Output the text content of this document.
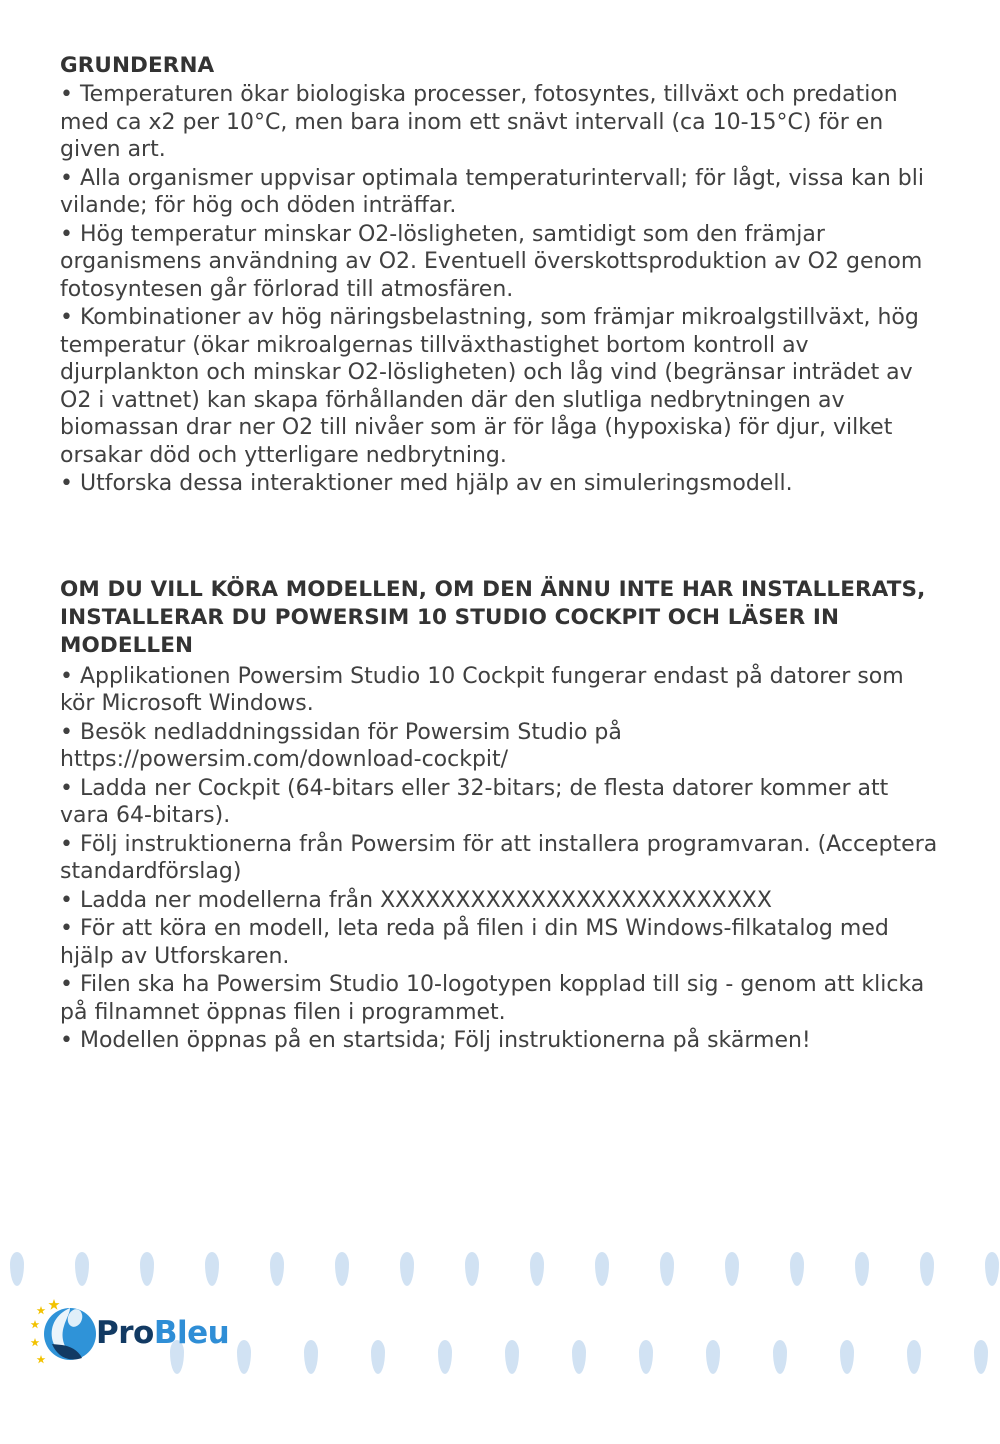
GRUNDERNA

• Temperaturen ökar biologiska processer, fotosyntes, tillväxt och predation med ca x2 per 10°C, men bara inom ett snävt intervall (ca 10-15°C) för en given art.

• Alla organismer uppvisar optimala temperaturintervall; för lågt, vissa kan bli vilande; för hög och döden inträffar.

• Hög temperatur minskar O2-lösligheten, samtidigt som den främjar organismens användning av O2. Eventuell överskottsproduktion av O2 genom fotosyntesen går förlorad till atmosfären.

• Kombinationer av hög näringsbelastning, som främjar mikroalgstillväxt, hög temperatur (ökar mikroalgernas tillväxthastighet bortom kontroll av djurplankton och minskar O2-lösligheten) och låg vind (begränsar inträdet av O2 i vattnet) kan skapa förhållanden där den slutliga nedbrytningen av biomassan drar ner O2 till nivåer som är för låga (hypoxiska) för djur, vilket orsakar död och ytterligare nedbrytning.

• Utforska dessa interaktioner med hjälp av en simuleringsmodell.

OM DU VILL KÖRA MODELLEN, OM DEN ÄNNU INTE HAR INSTALLERATS, INSTALLERAR DU POWERSIM 10 STUDIO COCKPIT OCH LÄSER IN MODELLEN

• Applikationen Powersim Studio 10 Cockpit fungerar endast på datorer som kör Microsoft Windows.

• Besök nedladdningssidan för Powersim Studio på https://powersim.com/download-cockpit/

• Ladda ner Cockpit (64-bitars eller 32-bitars; de flesta datorer kommer att vara 64-bitars).

• Följ instruktionerna från Powersim för att installera programvaran. (Acceptera standardförslag)

• Ladda ner modellerna från XXXXXXXXXXXXXXXXXXXXXXXXXX

• För att köra en modell, leta reda på filen i din MS Windows-filkatalog med hjälp av Utforskaren.

• Filen ska ha Powersim Studio 10-logotypen kopplad till sig - genom att klicka på filnamnet öppnas filen i programmet.

• Modellen öppnas på en startsida; Följ instruktionerna på skärmen!

ProBleu
